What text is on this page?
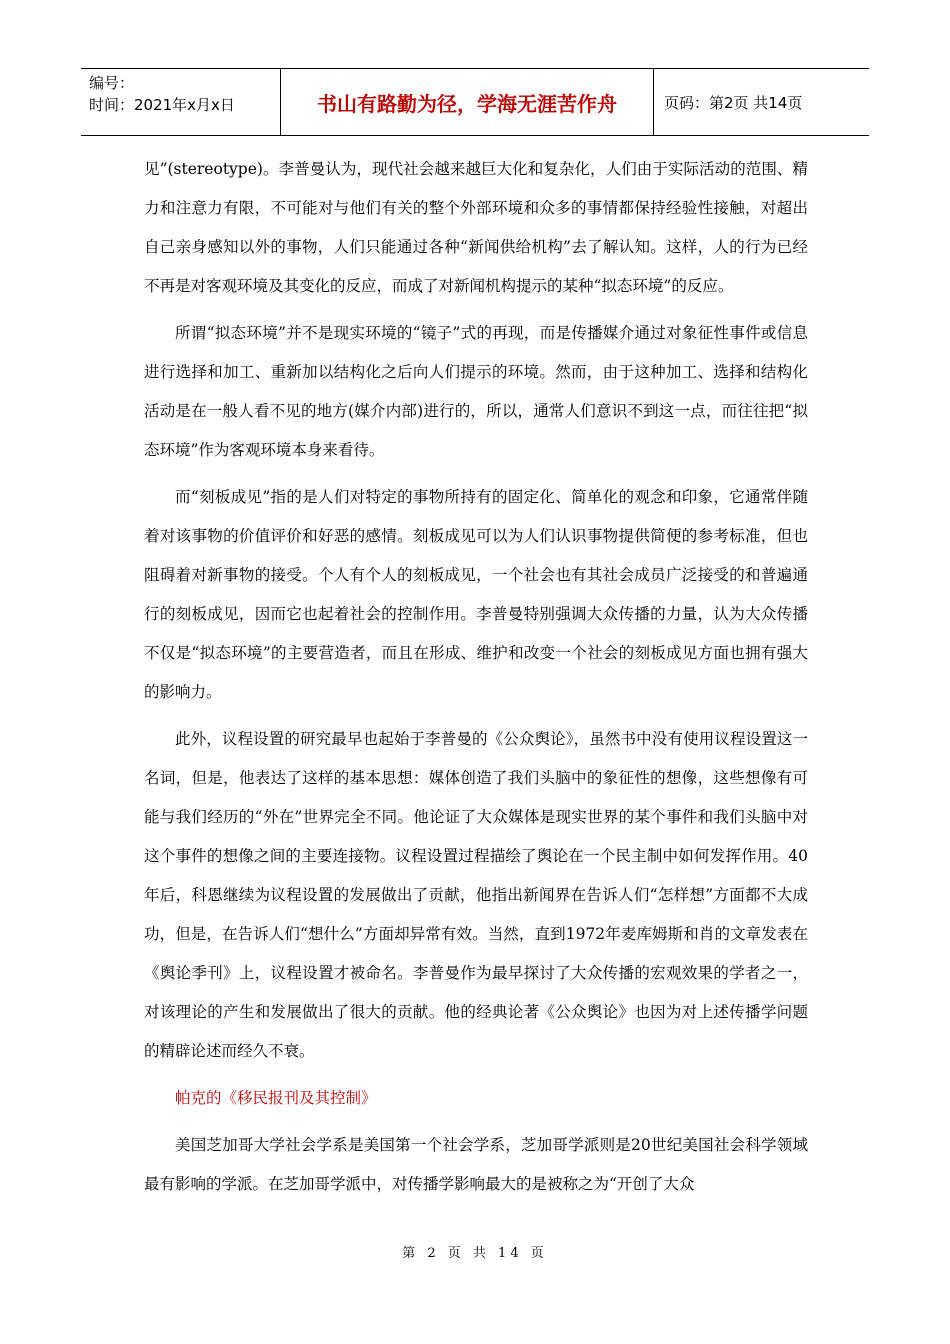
编号：
时间：2021年x月x日	书山有路勤为径，学海无涯苦作舟	页码：第2页 共14页

见”(stereotype)。李普曼认为，现代社会越来越巨大化和复杂化，人们由于实际活动的范围、精力和注意力有限，不可能对与他们有关的整个外部环境和众多的事情都保持经验性接触，对超出自己亲身感知以外的事物，人们只能通过各种“新闻供给机构”去了解认知。这样，人的行为已经不再是对客观环境及其变化的反应，而成了对新闻机构提示的某种“拟态环境”的反应。

所谓“拟态环境”并不是现实环境的“镜子”式的再现，而是传播媒介通过对象征性事件或信息进行选择和加工、重新加以结构化之后向人们提示的环境。然而，由于这种加工、选择和结构化活动是在一般人看不见的地方(媒介内部)进行的，所以，通常人们意识不到这一点，而往往把“拟态环境”作为客观环境本身来看待。

而“刻板成见”指的是人们对特定的事物所持有的固定化、简单化的观念和印象，它通常伴随着对该事物的价值评价和好恶的感情。刻板成见可以为人们认识事物提供简便的参考标准，但也阻碍着对新事物的接受。个人有个人的刻板成见，一个社会也有其社会成员广泛接受的和普遍通行的刻板成见，因而它也起着社会的控制作用。李普曼特别强调大众传播的力量，认为大众传播不仅是“拟态环境”的主要营造者，而且在形成、维护和改变一个社会的刻板成见方面也拥有强大的影响力。

此外，议程设置的研究最早也起始于李普曼的《公众舆论》，虽然书中没有使用议程设置这一名词，但是，他表达了这样的基本思想：媒体创造了我们头脑中的象征性的想像，这些想像有可能与我们经历的“外在”世界完全不同。他论证了大众媒体是现实世界的某个事件和我们头脑中对这个事件的想像之间的主要连接物。议程设置过程描绘了舆论在一个民主制中如何发挥作用。40年后，科恩继续为议程设置的发展做出了贡献，他指出新闻界在告诉人们“怎样想”方面都不大成功，但是，在告诉人们“想什么”方面却异常有效。当然，直到1972年麦库姆斯和肖的文章发表在《舆论季刊》上，议程设置才被命名。李普曼作为最早探讨了大众传播的宏观效果的学者之一，对该理论的产生和发展做出了很大的贡献。他的经典论著《公众舆论》也因为对上述传播学问题的精辟论述而经久不衰。

帕克的《移民报刊及其控制》

美国芝加哥大学社会学系是美国第一个社会学系，芝加哥学派则是20世纪美国社会科学领域最有影响的学派。在芝加哥学派中，对传播学影响最大的是被称之为“开创了大众

第 2 页 共 14 页
